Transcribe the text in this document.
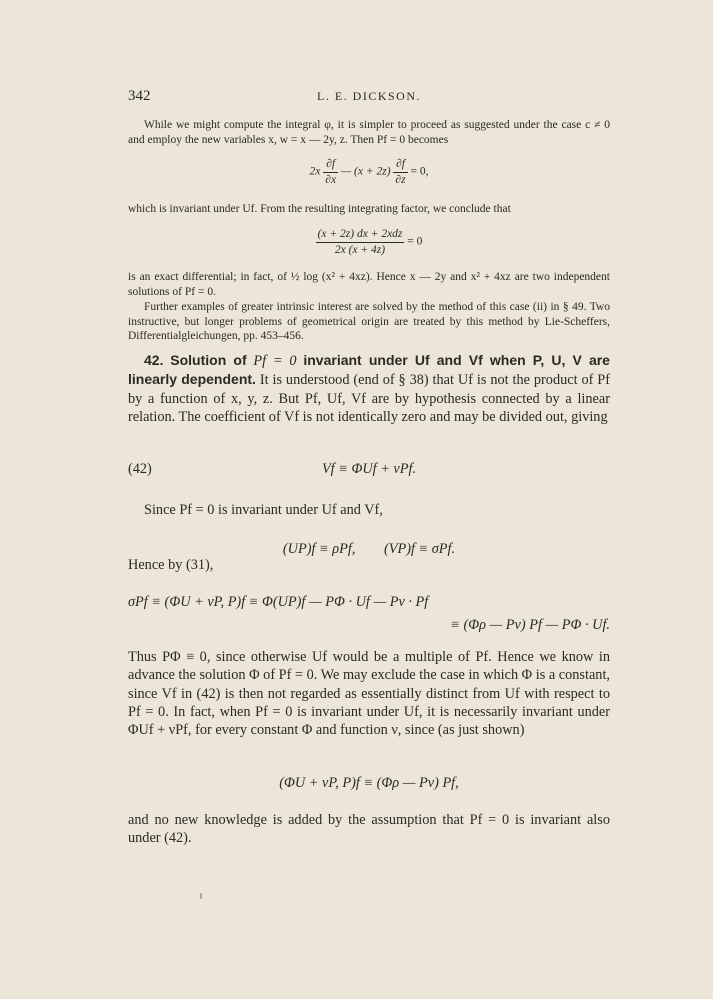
342	L. E. DICKSON.

While we might compute the integral φ, it is simpler to proceed as suggested under the case c ≠ 0 and employ the new variables x, w = x — 2y, z. Then Pf = 0 becomes

$2x \frac{\partial f}{\partial x}$ — $(x + 2z) \frac{\partial f}{\partial z} = 0$,

which is invariant under Uf. From the resulting integrating factor, we conclude that

$\frac{\text{(x + 2z) dx + 2xdz}}{2x (x + 4z)} = 0$

is an exact differential; in fact, of ½ log (x² + 4xz). Hence x — 2y and x² + 4xz are two independent solutions of Pf = 0.

Further examples of greater intrinsic interest are solved by the method of this case (ii) in § 49. Two instructive, but longer problems of geometrical origin are treated by this method by Lie-Scheffers, Differentialgleichungen, pp. 453–456.

42. Solution of Pf = 0 invariant under Uf and Vf when P, U, V are linearly dependent. It is understood (end of § 38) that Uf is not the product of Pf by a function of x, y, z. But Pf, Uf, Vf are by hypothesis connected by a linear relation. The coefficient of Vf is not identically zero and may be divided out, giving

(42)	Vf ≡ ΦUf + νPf.

Since Pf = 0 is invariant under Uf and Vf,

(UP)f ≡ ρPf,        (VP)f ≡ σPf.

Hence by (31),

σPf ≡ (ΦU + νP, P)f ≡ Φ(UP)f — PΦ · Uf — Pν · Pf
≡ (Φρ — Pν) Pf — PΦ · Uf.

Thus PΦ ≡ 0, since otherwise Uf would be a multiple of Pf. Hence we know in advance the solution Φ of Pf = 0. We may exclude the case in which Φ is a constant, since Vf in (42) is then not regarded as essentially distinct from Uf with respect to Pf = 0. In fact, when Pf = 0 is invariant under Uf, it is necessarily invariant under ΦUf + νPf, for every constant Φ and function ν, since (as just shown)

(ΦU + νP, P)f ≡ (Φρ — Pν) Pf,

and no new knowledge is added by the assumption that Pf = 0 is invariant also under (42).
